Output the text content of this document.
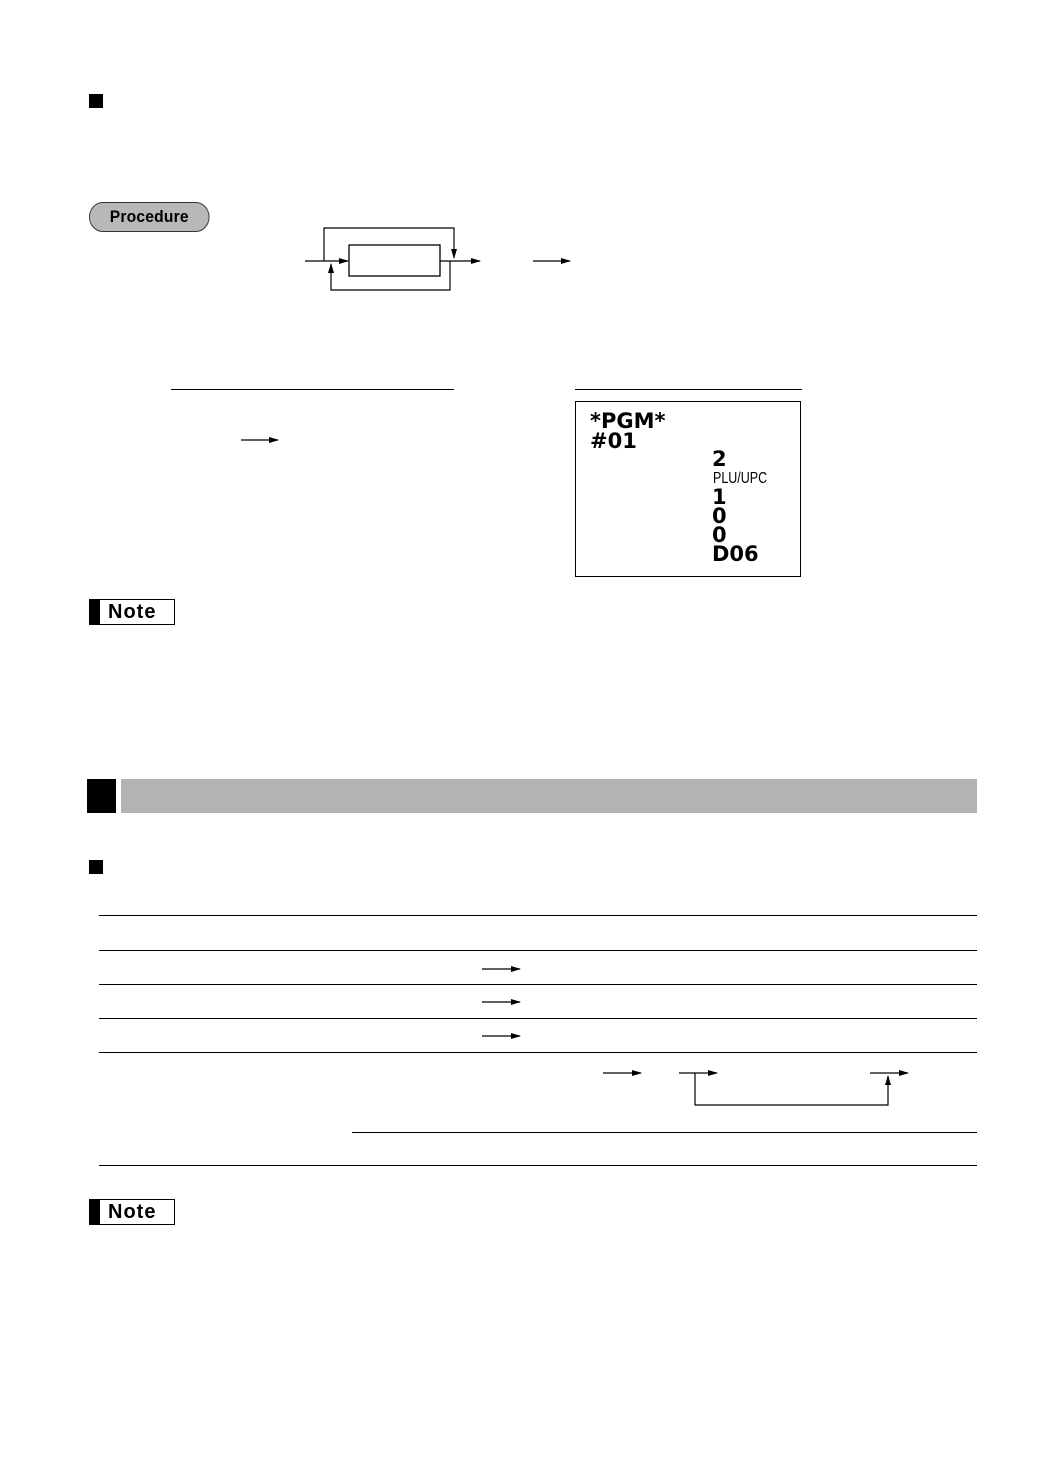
Procedure
*PGM*
#01
2
PLU/UPC
1
0
0
D06
Note
Note
